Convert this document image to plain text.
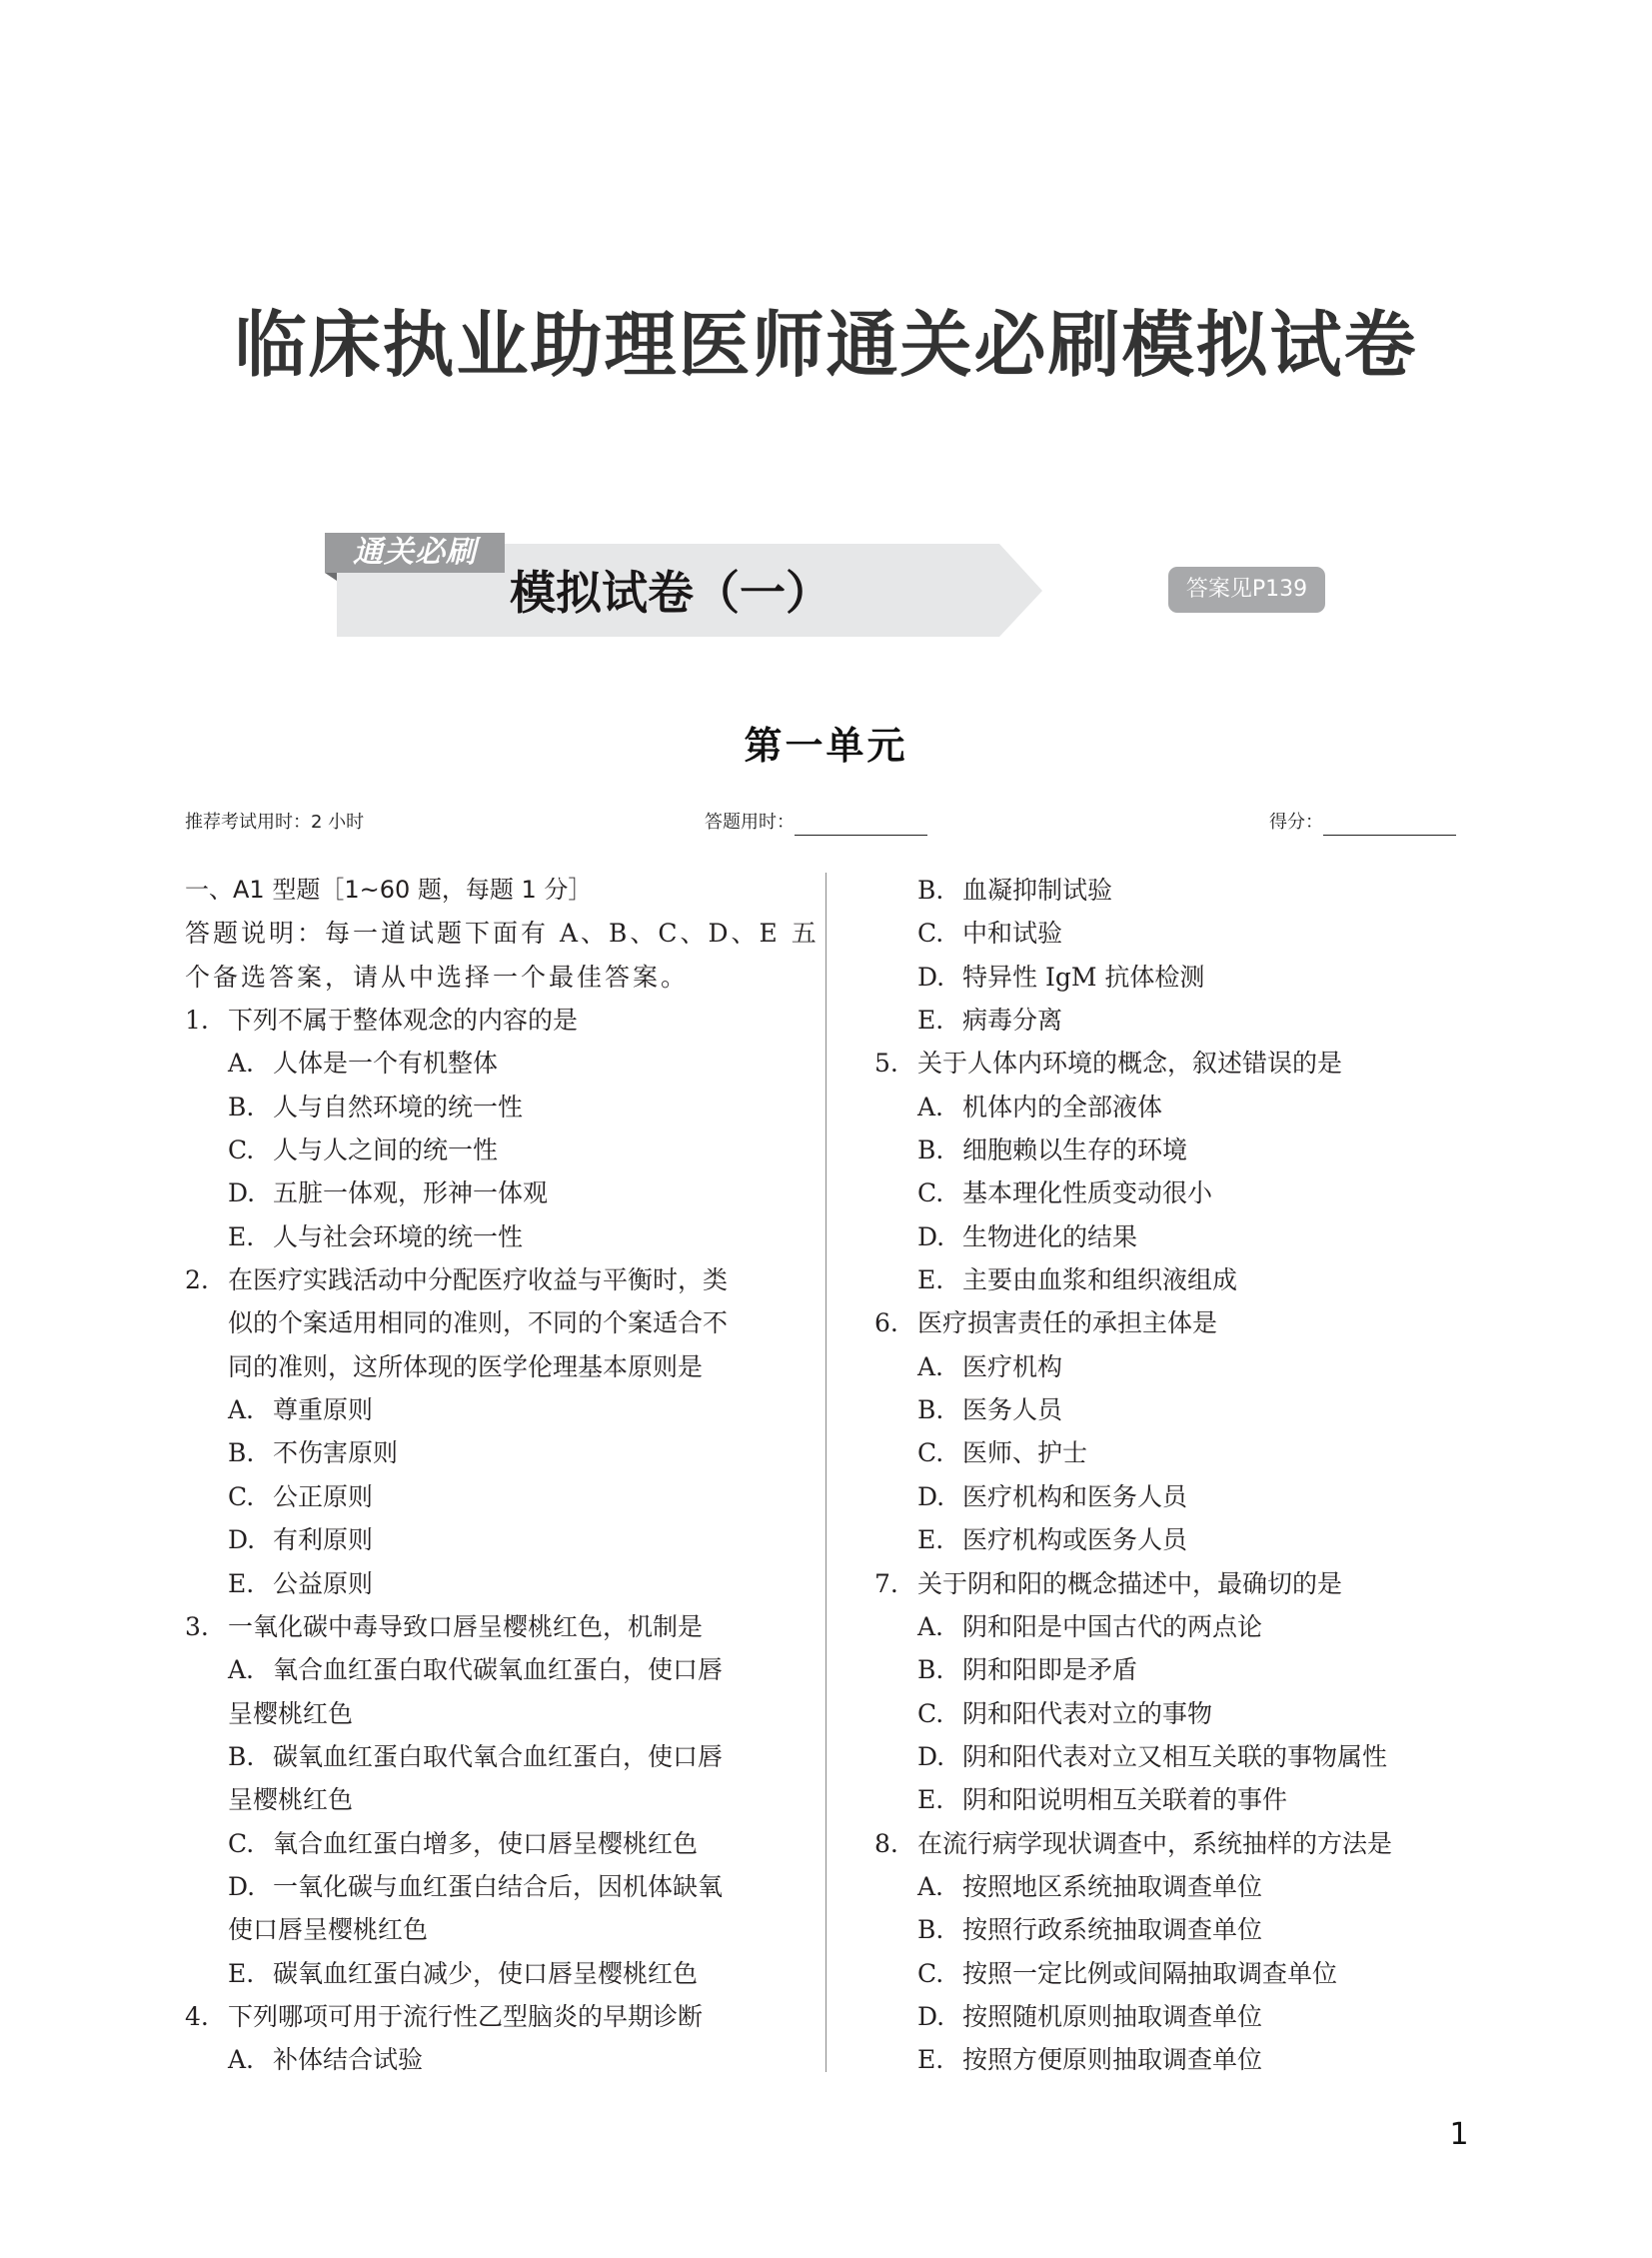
临床执业助理医师通关必刷模拟试卷
通关必刷
模拟试卷（一）	答案见P139
第一单元
推荐考试用时：2 小时	答题用时：	得分：
一、A1 型题［1~60 题，每题 1 分］
答题说明：每一道试题下面有 A、B、C、D、E 五
个备选答案，请从中选择一个最佳答案。
1. 下列不属于整体观念的内容的是
A. 人体是一个有机整体
B. 人与自然环境的统一性
C. 人与人之间的统一性
D. 五脏一体观，形神一体观
E. 人与社会环境的统一性
2. 在医疗实践活动中分配医疗收益与平衡时，类
似的个案适用相同的准则，不同的个案适合不
同的准则，这所体现的医学伦理基本原则是
A. 尊重原则
B. 不伤害原则
C. 公正原则
D. 有利原则
E. 公益原则
3. 一氧化碳中毒导致口唇呈樱桃红色，机制是
A. 氧合血红蛋白取代碳氧血红蛋白，使口唇
呈樱桃红色
B. 碳氧血红蛋白取代氧合血红蛋白，使口唇
呈樱桃红色
C. 氧合血红蛋白增多，使口唇呈樱桃红色
D. 一氧化碳与血红蛋白结合后，因机体缺氧
使口唇呈樱桃红色
E. 碳氧血红蛋白减少，使口唇呈樱桃红色
4. 下列哪项可用于流行性乙型脑炎的早期诊断
A. 补体结合试验
B. 血凝抑制试验
C. 中和试验
D. 特异性 IgM 抗体检测
E. 病毒分离
5. 关于人体内环境的概念，叙述错误的是
A. 机体内的全部液体
B. 细胞赖以生存的环境
C. 基本理化性质变动很小
D. 生物进化的结果
E. 主要由血浆和组织液组成
6. 医疗损害责任的承担主体是
A. 医疗机构
B. 医务人员
C. 医师、护士
D. 医疗机构和医务人员
E. 医疗机构或医务人员
7. 关于阴和阳的概念描述中，最确切的是
A. 阴和阳是中国古代的两点论
B. 阴和阳即是矛盾
C. 阴和阳代表对立的事物
D. 阴和阳代表对立又相互关联的事物属性
E. 阴和阳说明相互关联着的事件
8. 在流行病学现状调查中，系统抽样的方法是
A. 按照地区系统抽取调查单位
B. 按照行政系统抽取调查单位
C. 按照一定比例或间隔抽取调查单位
D. 按照随机原则抽取调查单位
E. 按照方便原则抽取调查单位
1
